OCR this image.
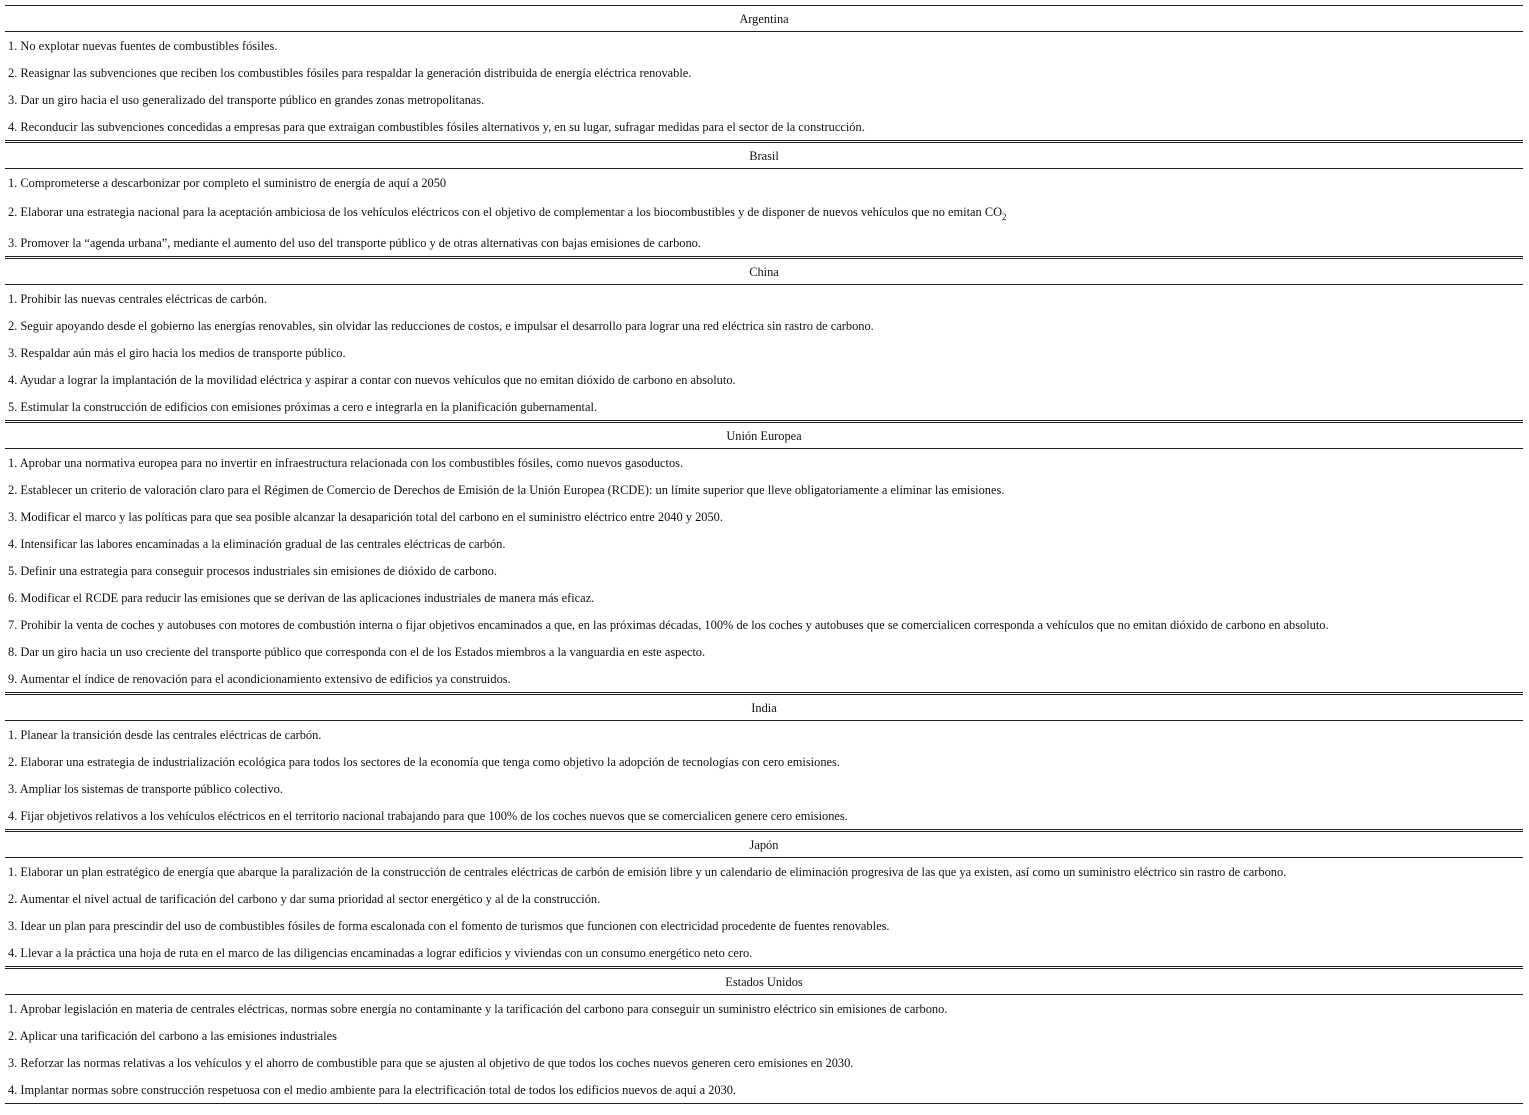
Argentina
1. No explotar nuevas fuentes de combustibles fósiles.
2. Reasignar las subvenciones que reciben los combustibles fósiles para respaldar la generación distribuida de energía eléctrica renovable.
3. Dar un giro hacia el uso generalizado del transporte público en grandes zonas metropolitanas.
4. Reconducir las subvenciones concedidas a empresas para que extraigan combustibles fósiles alternativos y, en su lugar, sufragar medidas para el sector de la construcción.
Brasil
1. Comprometerse a descarbonizar por completo el suministro de energía de aquí a 2050
2. Elaborar una estrategia nacional para la aceptación ambiciosa de los vehículos eléctricos con el objetivo de complementar a los biocombustibles y de disponer de nuevos vehículos que no emitan $CO_2$
3. Promover la “agenda urbana”, mediante el aumento del uso del transporte público y de otras alternativas con bajas emisiones de carbono.
China
1. Prohibir las nuevas centrales eléctricas de carbón.
2. Seguir apoyando desde el gobierno las energías renovables, sin olvidar las reducciones de costos, e impulsar el desarrollo para lograr una red eléctrica sin rastro de carbono.
3. Respaldar aún más el giro hacia los medios de transporte público.
4. Ayudar a lograr la implantación de la movilidad eléctrica y aspirar a contar con nuevos vehículos que no emitan dióxido de carbono en absoluto.
5. Estimular la construcción de edificios con emisiones próximas a cero e integrarla en la planificación gubernamental.
Unión Europea
1. Aprobar una normativa europea para no invertir en infraestructura relacionada con los combustibles fósiles, como nuevos gasoductos.
2. Establecer un criterio de valoración claro para el Régimen de Comercio de Derechos de Emisión de la Unión Europea (RCDE): un límite superior que lleve obligatoriamente a eliminar las emisiones.
3. Modificar el marco y las políticas para que sea posible alcanzar la desaparición total del carbono en el suministro eléctrico entre 2040 y 2050.
4. Intensificar las labores encaminadas a la eliminación gradual de las centrales eléctricas de carbón.
5. Definir una estrategia para conseguir procesos industriales sin emisiones de dióxido de carbono.
6. Modificar el RCDE para reducir las emisiones que se derivan de las aplicaciones industriales de manera más eficaz.
7. Prohibir la venta de coches y autobuses con motores de combustión interna o fijar objetivos encaminados a que, en las próximas décadas, 100% de los coches y autobuses que se comercialicen corresponda a vehículos que no emitan dióxido de carbono en absoluto.
8. Dar un giro hacia un uso creciente del transporte público que corresponda con el de los Estados miembros a la vanguardia en este aspecto.
9. Aumentar el índice de renovación para el acondicionamiento extensivo de edificios ya construidos.
India
1. Planear la transición desde las centrales eléctricas de carbón.
2. Elaborar una estrategia de industrialización ecológica para todos los sectores de la economía que tenga como objetivo la adopción de tecnologías con cero emisiones.
3. Ampliar los sistemas de transporte público colectivo.
4. Fijar objetivos relativos a los vehículos eléctricos en el territorio nacional trabajando para que 100% de los coches nuevos que se comercialicen genere cero emisiones.
Japón
1. Elaborar un plan estratégico de energía que abarque la paralización de la construcción de centrales eléctricas de carbón de emisión libre y un calendario de eliminación progresiva de las que ya existen, así como un suministro eléctrico sin rastro de carbono.
2. Aumentar el nivel actual de tarificación del carbono y dar suma prioridad al sector energético y al de la construcción.
3. Idear un plan para prescindir del uso de combustibles fósiles de forma escalonada con el fomento de turismos que funcionen con electricidad procedente de fuentes renovables.
4. Llevar a la práctica una hoja de ruta en el marco de las diligencias encaminadas a lograr edificios y viviendas con un consumo energético neto cero.
Estados Unidos
1. Aprobar legislación en materia de centrales eléctricas, normas sobre energía no contaminante y la tarificación del carbono para conseguir un suministro eléctrico sin emisiones de carbono.
2. Aplicar una tarificación del carbono a las emisiones industriales
3. Reforzar las normas relativas a los vehículos y el ahorro de combustible para que se ajusten al objetivo de que todos los coches nuevos generen cero emisiones en 2030.
4. Implantar normas sobre construcción respetuosa con el medio ambiente para la electrificación total de todos los edificios nuevos de aquí a 2030.
